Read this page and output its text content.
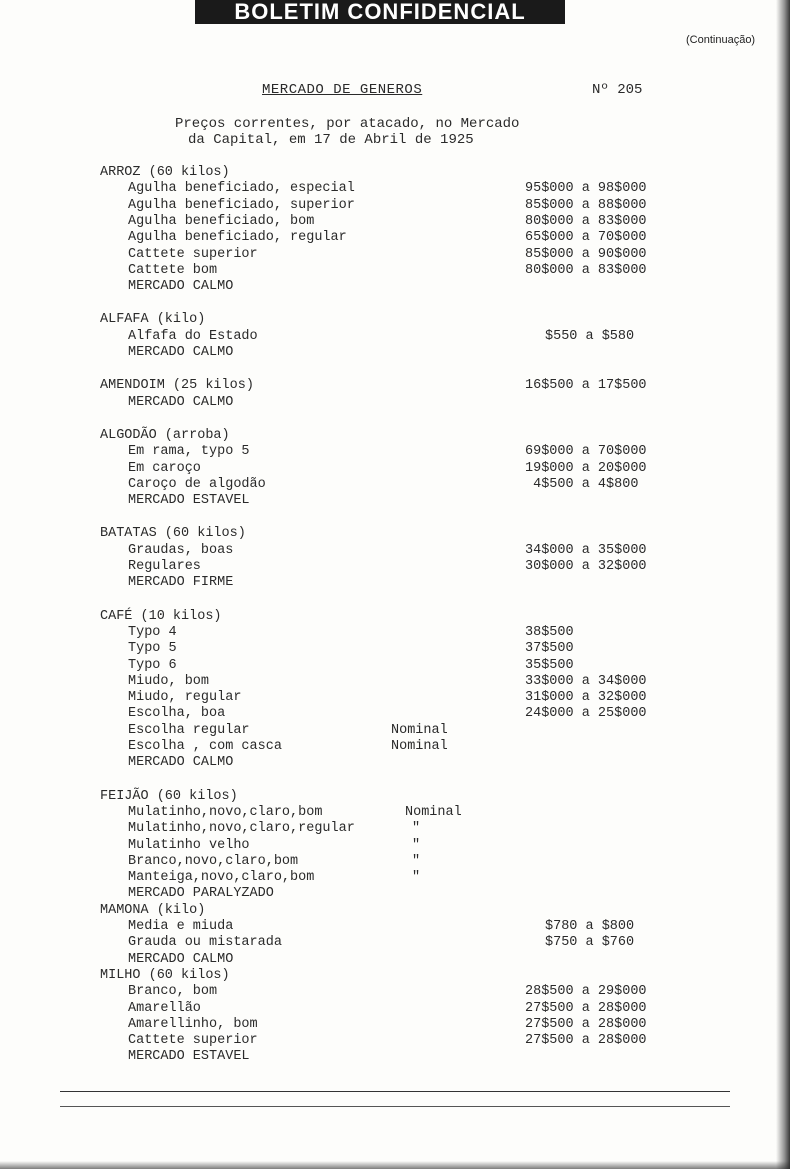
BOLETIM CONFIDENCIAL
(Continuação)
MERCADO DE GENEROS	Nº 205
Preços correntes, por atacado, no Mercado
da Capital, em 17 de Abril de 1925
ARROZ (60 kilos)
Agulha beneficiado, especial	95$000 a 98$000
Agulha beneficiado, superior	85$000 a 88$000
Agulha beneficiado, bom	80$000 a 83$000
Agulha beneficiado, regular	65$000 a 70$000
Cattete superior	85$000 a 90$000
Cattete bom	80$000 a 83$000
MERCADO CALMO
ALFAFA (kilo)
Alfafa do Estado	$550 a $580
MERCADO CALMO
AMENDOIM (25 kilos)	16$500 a 17$500
MERCADO CALMO
ALGODÃO (arroba)
Em rama, typo 5	69$000 a 70$000
Em caroço	19$000 a 20$000
Caroço de algodão	4$500 a 4$800
MERCADO ESTAVEL
BATATAS (60 kilos)
Graudas, boas	34$000 a 35$000
Regulares	30$000 a 32$000
MERCADO FIRME
CAFÉ (10 kilos)
Typo 4	38$500
Typo 5	37$500
Typo 6	35$500
Miudo, bom	33$000 a 34$000
Miudo, regular	31$000 a 32$000
Escolha, boa	24$000 a 25$000
Escolha regular	Nominal
Escolha , com casca	Nominal
MERCADO CALMO
FEIJÃO (60 kilos)
Mulatinho,novo,claro,bom	Nominal
Mulatinho,novo,claro,regular	"
Mulatinho velho	"
Branco,novo,claro,bom	"
Manteiga,novo,claro,bom	"
MERCADO PARALYZADO
MAMONA (kilo)
Media e miuda	$780 a $800
Grauda ou mistarada	$750 a $760
MERCADO CALMO
MILHO (60 kilos)
Branco, bom	28$500 a 29$000
Amarellão	27$500 a 28$000
Amarellinho, bom	27$500 a 28$000
Cattete superior	27$500 a 28$000
MERCADO ESTAVEL
